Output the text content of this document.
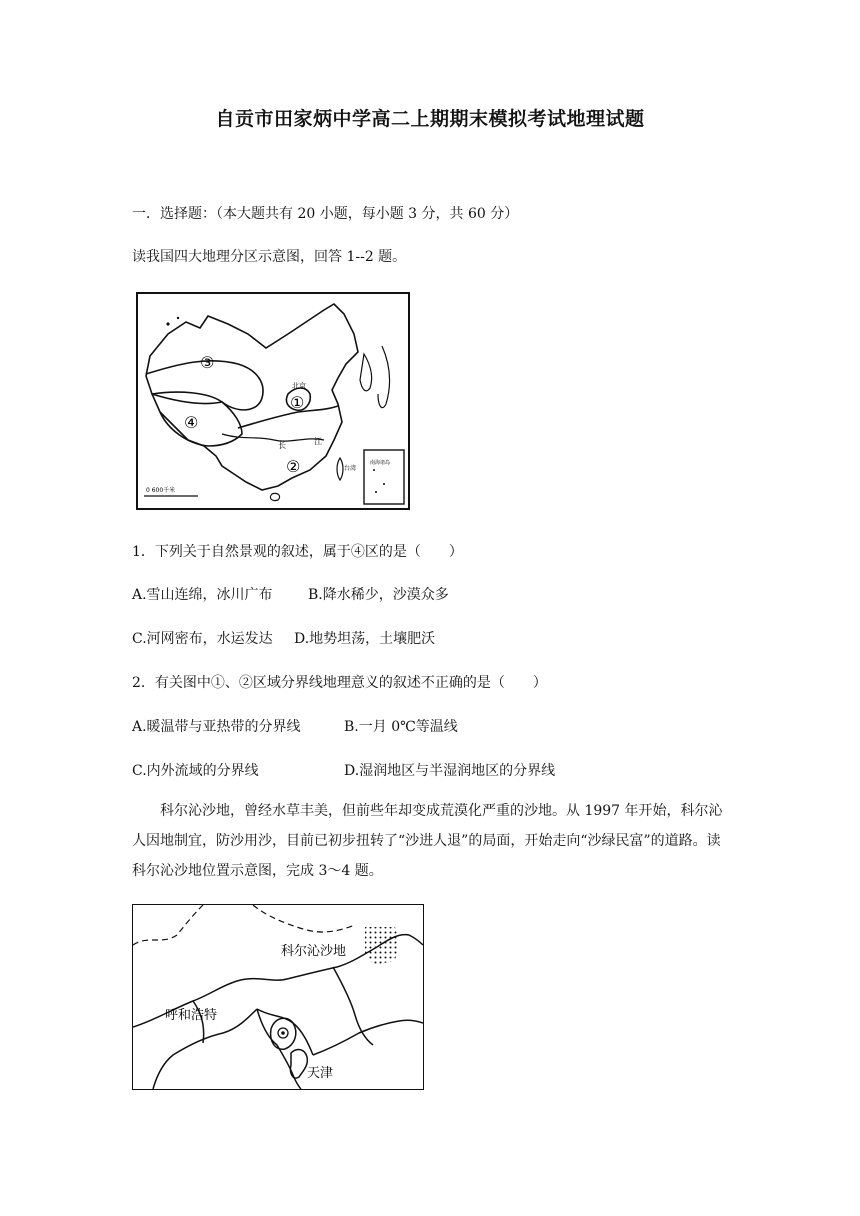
自贡市田家炳中学高二上期期末模拟考试地理试题
一．选择题：（本大题共有 20 小题，每小题 3 分，共 60 分）
读我国四大地理分区示意图，回答 1--2 题。
③
④
①
②
北京
长	江
台湾
南海诸岛
0 600千米
1．下列关于自然景观的叙述，属于④区的是（　　）
A.雪山连绵，冰川广布	B.降水稀少，沙漠众多
C.河网密布，水运发达 D.地势坦荡，土壤肥沃
2．有关图中①、②区域分界线地理意义的叙述不正确的是（　　）
A.暖温带与亚热带的分界线	B.一月 0℃等温线
C.内外流域的分界线	D.湿润地区与半湿润地区的分界线
科尔沁沙地，曾经水草丰美，但前些年却变成荒漠化严重的沙地。从 1997 年开始，科尔沁人因地制宜，防沙用沙，目前已初步扭转了“沙进人退”的局面，开始走向“沙绿民富”的道路。读科尔沁沙地位置示意图，完成 3～4 题。
科尔沁沙地
呼和浩特
天津
